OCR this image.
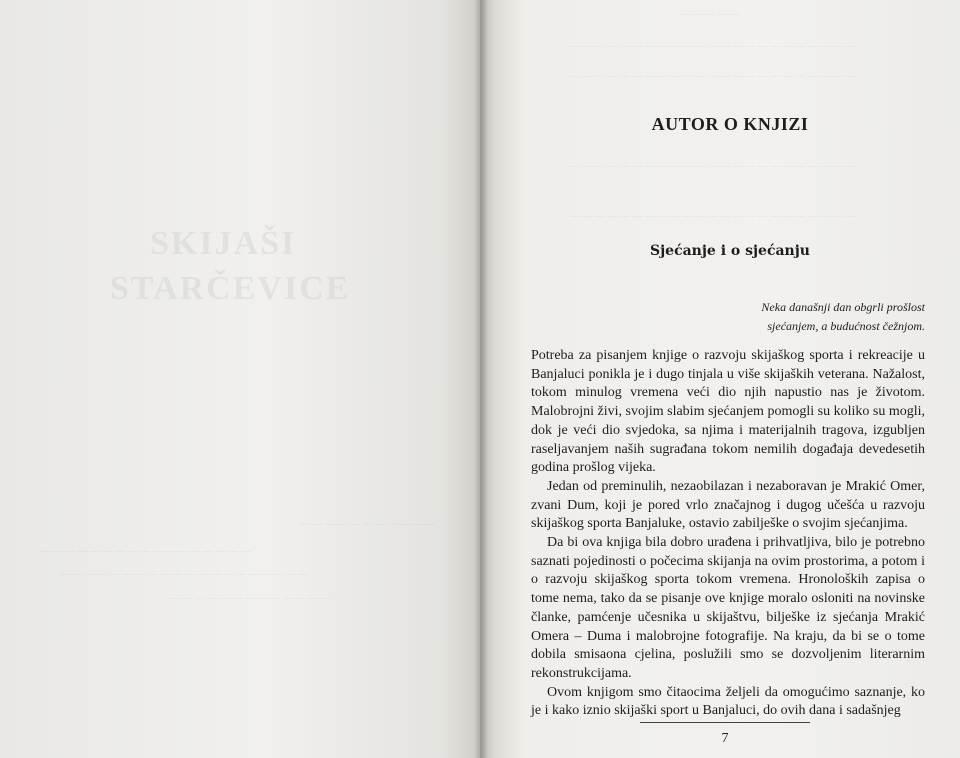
SKIJAŠI
STARČEVICE
— — — — — — — — — — —
— — — — — — — — — — — — — — — — —
— — — — — — — — — — — — — — — — — — — —
— — — — — — — — — — — — —
— — — — —
— — — — — — — — — — — — — — — — — — — — — — —
— — — — — — — — — — — — — — — — — — — — — — —
— — — — — — — — — — — — — — — — — — — — — — —
— — — — — — — — — — — — — — — — — — — — — — —
AUTOR O KNJIZI
Sjećanje i o sjećanju
Neka današnji dan obgrli prošlost
sjećanjem, a budućnost čežnjom.

Potreba za pisanjem knjige o razvoju skijaškog sporta i rekreacije u Banjaluci ponikla je i dugo tinjala u više skijaških veterana. Nažalost, tokom minulog vremena veći dio njih napustio nas je životom. Malobrojni živi, svojim slabim sjećanjem pomogli su koliko su mogli, dok je veći dio svjedoka, sa njima i materijalnih tragova, izgubljen raseljavanjem naših sugrađana tokom nemilih događaja devedesetih godina prošlog vijeka.

Jedan od preminulih, nezaobilazan i nezaboravan je Mrakić Omer, zvani Dum, koji je pored vrlo značajnog i dugog učešća u razvoju skijaškog sporta Banjaluke, ostavio zabilješke o svojim sjećanjima.

Da bi ova knjiga bila dobro urađena i prihvatljiva, bilo je potrebno saznati pojedinosti o počecima skijanja na ovim prostorima, a potom i o razvoju skijaškog sporta tokom vremena. Hronoloških zapisa o tome nema, tako da se pisanje ove knjige moralo osloniti na novinske članke, pamćenje učesnika u skijaštvu, bilješke iz sjećanja Mrakić Omera – Duma i malobrojne fotografije. Na kraju, da bi se o tome dobila smisaona cjelina, poslužili smo se dozvoljenim literarnim rekonstrukcijama.

Ovom knjigom smo čitaocima željeli da omogućimo saznanje, ko je i kako iznio skijaški sport u Banjaluci, do ovih dana i sadašnjeg

7
